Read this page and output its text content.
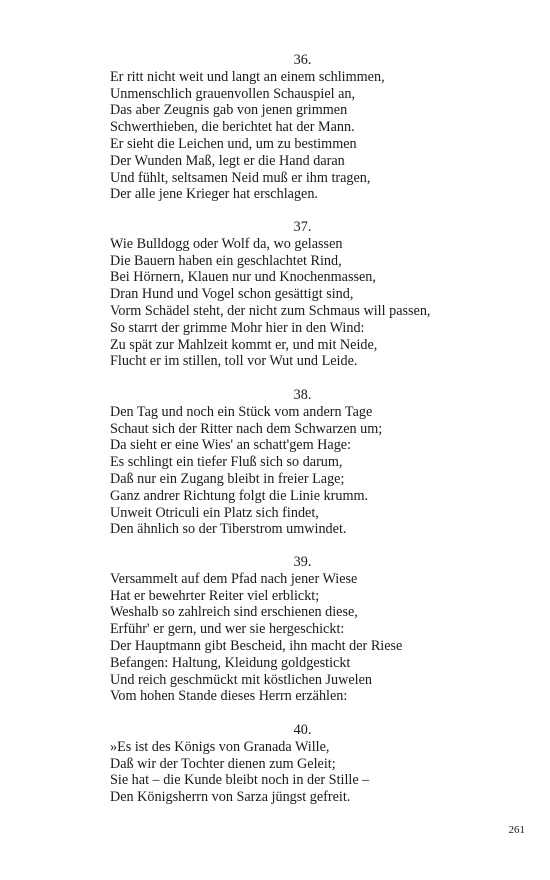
36.
Er ritt nicht weit und langt an einem schlimmen,
Unmenschlich grauenvollen Schauspiel an,
Das aber Zeugnis gab von jenen grimmen
Schwerthieben, die berichtet hat der Mann.
Er sieht die Leichen und, um zu bestimmen
Der Wunden Maß, legt er die Hand daran
Und fühlt, seltsamen Neid muß er ihm tragen,
Der alle jene Krieger hat erschlagen.
37.
Wie Bulldogg oder Wolf da, wo gelassen
Die Bauern haben ein geschlachtet Rind,
Bei Hörnern, Klauen nur und Knochenmassen,
Dran Hund und Vogel schon gesättigt sind,
Vorm Schädel steht, der nicht zum Schmaus will passen,
So starrt der grimme Mohr hier in den Wind:
Zu spät zur Mahlzeit kommt er, und mit Neide,
Flucht er im stillen, toll vor Wut und Leide.
38.
Den Tag und noch ein Stück vom andern Tage
Schaut sich der Ritter nach dem Schwarzen um;
Da sieht er eine Wies' an schatt'gem Hage:
Es schlingt ein tiefer Fluß sich so darum,
Daß nur ein Zugang bleibt in freier Lage;
Ganz andrer Richtung folgt die Linie krumm.
Unweit Otriculi ein Platz sich findet,
Den ähnlich so der Tiberstrom umwindet.
39.
Versammelt auf dem Pfad nach jener Wiese
Hat er bewehrter Reiter viel erblickt;
Weshalb so zahlreich sind erschienen diese,
Erführ' er gern, und wer sie hergeschickt:
Der Hauptmann gibt Bescheid, ihn macht der Riese
Befangen: Haltung, Kleidung goldgestickt
Und reich geschmückt mit köstlichen Juwelen
Vom hohen Stande dieses Herrn erzählen:
40.
»Es ist des Königs von Granada Wille,
Daß wir der Tochter dienen zum Geleit;
Sie hat – die Kunde bleibt noch in der Stille –
Den Königsherrn von Sarza jüngst gefreit.
261
